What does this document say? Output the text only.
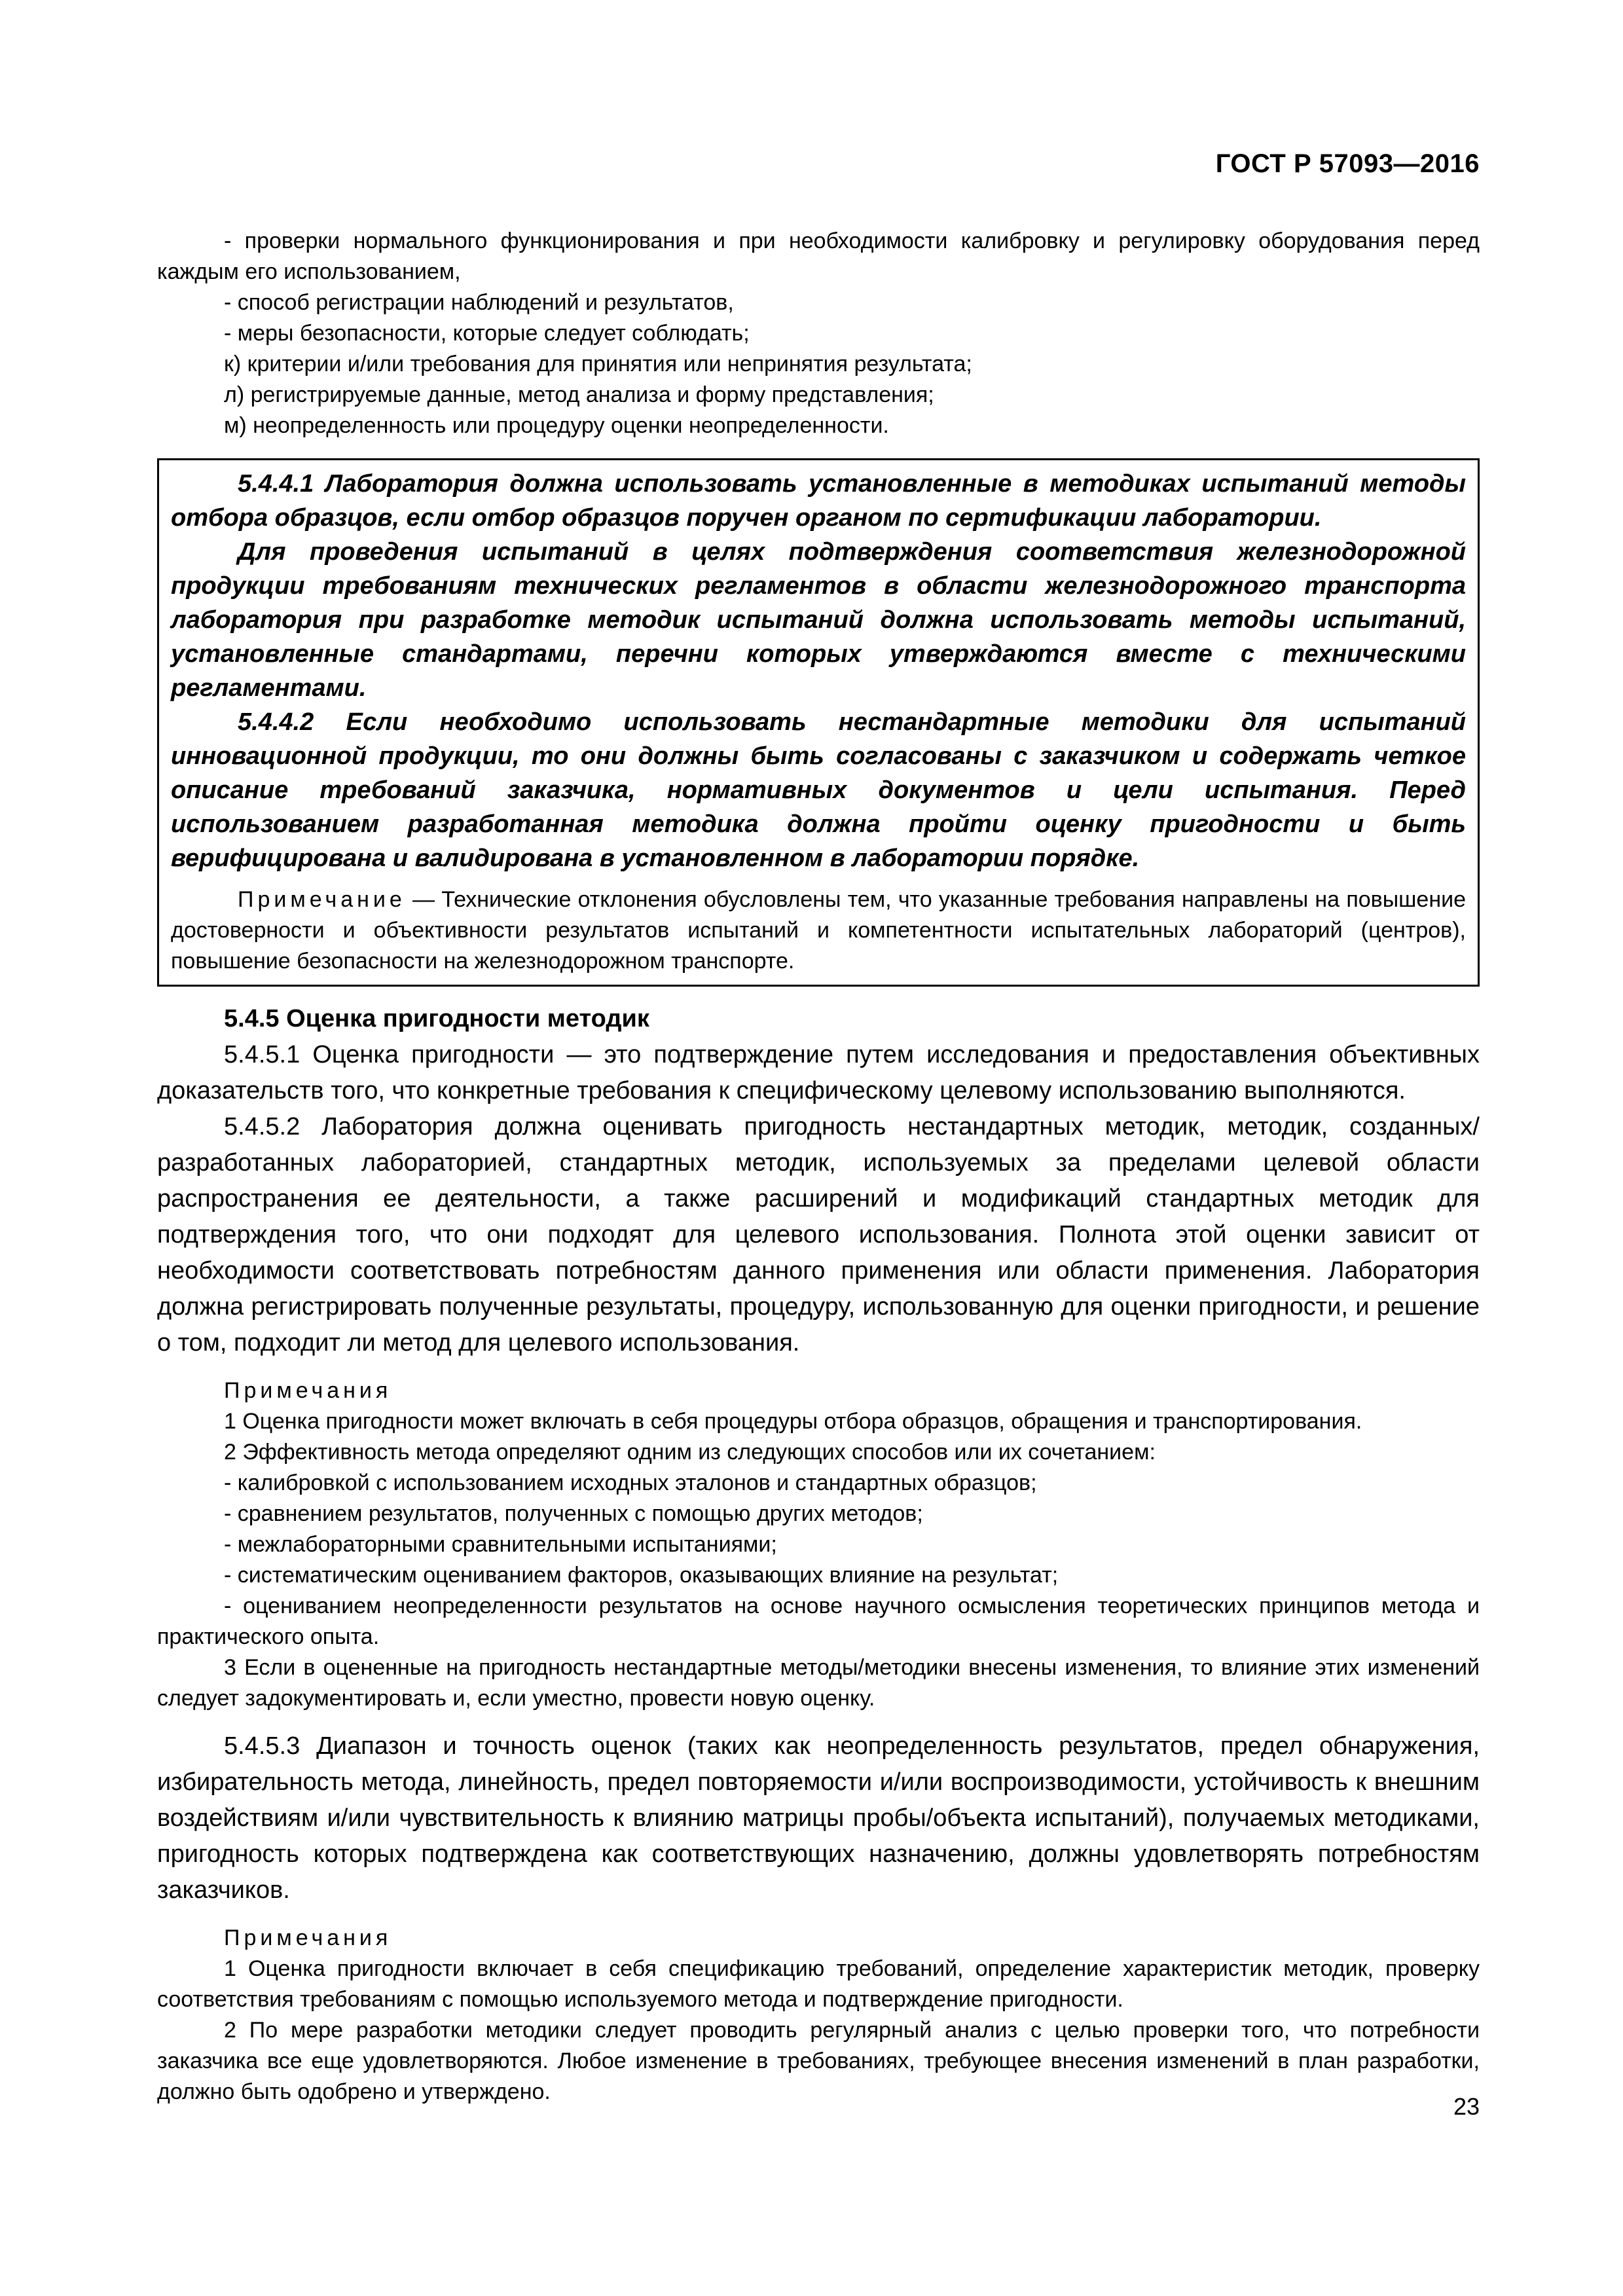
ГОСТ Р 57093—2016

- проверки нормального функционирования и при необходимости калибровку и регулировку оборудования перед каждым его использованием,

- способ регистрации наблюдений и результатов,

- меры безопасности, которые следует соблюдать;

к) критерии и/или требования для принятия или непринятия результата;

л) регистрируемые данные, метод анализа и форму представления;

м) неопределенность или процедуру оценки неопределенности.

5.4.4.1 Лаборатория должна использовать установленные в методиках испытаний методы отбора образцов, если отбор образцов поручен органом по сертификации лаборатории.

Для проведения испытаний в целях подтверждения соответствия железнодорожной продукции требованиям технических регламентов в области железнодорожного транспорта лаборатория при разработке методик испытаний должна использовать методы испытаний, установленные стандартами, перечни которых утверждаются вместе с техническими регламентами.

5.4.4.2 Если необходимо использовать нестандартные методики для испытаний инновационной продукции, то они должны быть согласованы с заказчиком и содержать четкое описание требований заказчика, нормативных документов и цели испытания. Перед использованием разработанная методика должна пройти оценку пригодности и быть верифицирована и валидирована в установленном в лаборатории порядке.

Примечание — Технические отклонения обусловлены тем, что указанные требования направлены на повышение достоверности и объективности результатов испытаний и компетентности испытательных лабораторий (центров), повышение безопасности на железнодорожном транспорте.

5.4.5 Оценка пригодности методик

5.4.5.1 Оценка пригодности — это подтверждение путем исследования и предоставления объективных доказательств того, что конкретные требования к специфическому целевому использованию выполняются.

5.4.5.2 Лаборатория должна оценивать пригодность нестандартных методик, методик, созданных/ разработанных лабораторией, стандартных методик, используемых за пределами целевой области распространения ее деятельности, а также расширений и модификаций стандартных методик для подтверждения того, что они подходят для целевого использования. Полнота этой оценки зависит от необходимости соответствовать потребностям данного применения или области применения. Лаборатория должна регистрировать полученные результаты, процедуру, использованную для оценки пригодности, и решение о том, подходит ли метод для целевого использования.

Примечания

1 Оценка пригодности может включать в себя процедуры отбора образцов, обращения и транспортирования.

2 Эффективность метода определяют одним из следующих способов или их сочетанием:

- калибровкой с использованием исходных эталонов и стандартных образцов;

- сравнением результатов, полученных с помощью других методов;

- межлабораторными сравнительными испытаниями;

- систематическим оцениванием факторов, оказывающих влияние на результат;

- оцениванием неопределенности результатов на основе научного осмысления теоретических принципов метода и практического опыта.

3 Если в оцененные на пригодность нестандартные методы/методики внесены изменения, то влияние этих изменений следует задокументировать и, если уместно, провести новую оценку.

5.4.5.3 Диапазон и точность оценок (таких как неопределенность результатов, предел обнаружения, избирательность метода, линейность, предел повторяемости и/или воспроизводимости, устойчивость к внешним воздействиям и/или чувствительность к влиянию матрицы пробы/объекта испытаний), получаемых методиками, пригодность которых подтверждена как соответствующих назначению, должны удовлетворять потребностям заказчиков.

Примечания

1 Оценка пригодности включает в себя спецификацию требований, определение характеристик методик, проверку соответствия требованиям с помощью используемого метода и подтверждение пригодности.

2 По мере разработки методики следует проводить регулярный анализ с целью проверки того, что потребности заказчика все еще удовлетворяются. Любое изменение в требованиях, требующее внесения изменений в план разработки, должно быть одобрено и утверждено.

23
